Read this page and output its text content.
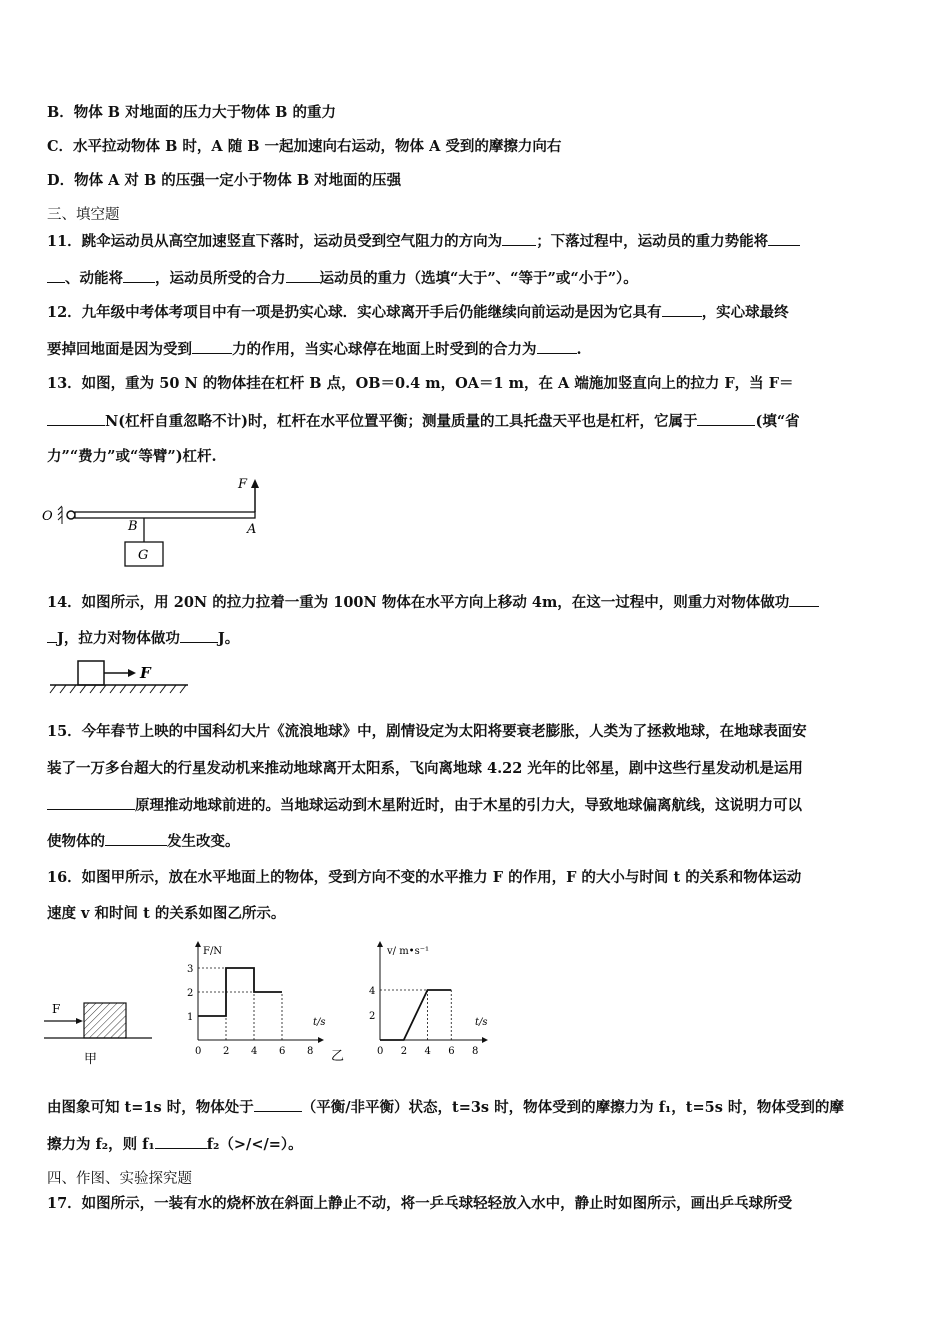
B．物体 B 对地面的压力大于物体 B 的重力
C．水平拉动物体 B 时，A 随 B 一起加速向右运动，物体 A 受到的摩擦力向右
D．物体 A 对 B 的压强一定小于物体 B 对地面的压强
三、填空题
11．跳伞运动员从高空加速竖直下落时，运动员受到空气阻力的方向为 ；下落过程中，运动员的重力势能将
、动能将 ，运动员所受的合力 运动员的重力（选填“大于”、“等于”或“小于”）。
12．九年级中考体考项目中有一项是扔实心球．实心球离开手后仍能继续向前运动是因为它具有	，实心球最终
要掉回地面是因为受到	力的作用，当实心球停在地面上时受到的合力为	.
13．如图，重为 50 N 的物体挂在杠杆 B 点，OB＝0.4 m，OA＝1 m，在 A 端施加竖直向上的拉力 F，当 F＝
N(杠杆自重忽略不计)时，杠杆在水平位置平衡；测量质量的工具托盘天平也是杠杆，它属于	(填“省
力”“费力”或“等臂”)杠杆.
O
F
A
B
G
14．如图所示，用 20N 的拉力拉着一重为 100N 物体在水平方向上移动 4m，在这一过程中，则重力对物体做功
J，拉力对物体做功	J。
F
15．今年春节上映的中国科幻大片《流浪地球》中，剧情设定为太阳将要衰老膨胀，人类为了拯救地球，在地球表面安
装了一万多台超大的行星发动机来推动地球离开太阳系，飞向离地球 4.22 光年的比邻星，剧中这些行星发动机是运用
原理推动地球前进的。当地球运动到木星附近时，由于木星的引力大，导致地球偏离航线，这说明力可以
使物体的	发生改变。
16．如图甲所示，放在水平地面上的物体，受到方向不变的水平推力 F 的作用，F 的大小与时间 t 的关系和物体运动
速度 v 和时间 t 的关系如图乙所示。
F
甲
0 2 4 6 8
1
2
3
F/N
t/s
乙	0 2 4 6 8
2
4
v/ m•s⁻¹
t/s
由图象可知 t=1s 时，物体处于	（平衡/非平衡）状态，t=3s 时，物体受到的摩擦力为 f₁，t=5s 时，物体受到的摩
擦力为 f₂，则 f₁	f₂（>/</=）。
四、作图、实验探究题
17．如图所示，一装有水的烧杯放在斜面上静止不动，将一乒乓球轻轻放入水中，静止时如图所示，画出乒乓球所受
